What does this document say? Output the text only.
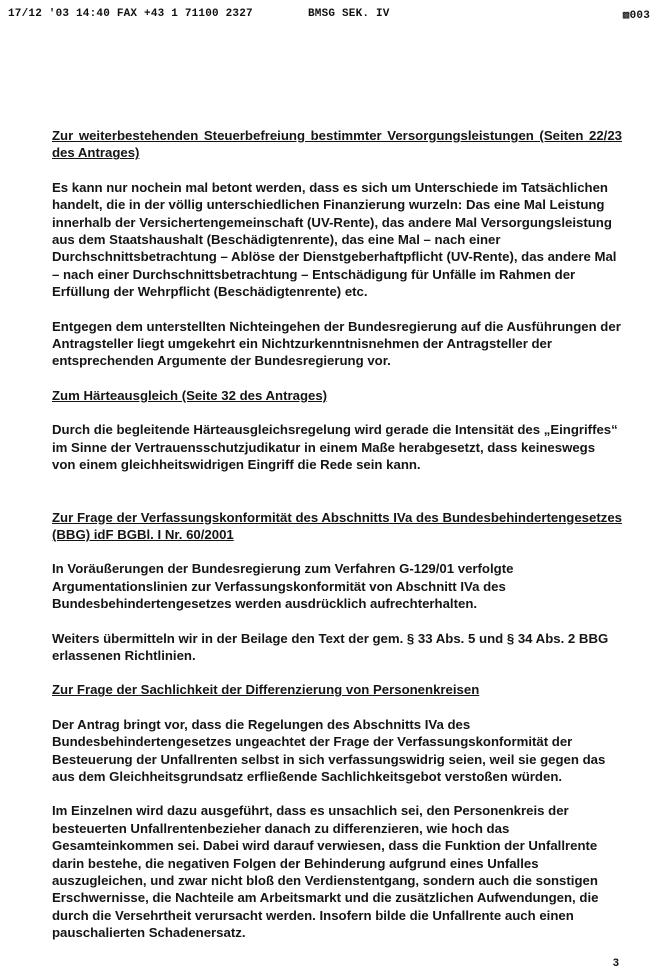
17/12 '03 14:40 FAX +43 1 71100 2327	BMSG SEK. IV	▩003
Zur weiterbestehenden Steuerbefreiung bestimmter Versorgungsleistungen (Seiten 22/23 des Antrages)

Es kann nur nochein mal betont werden, dass es sich um Unterschiede im Tatsächlichen handelt, die in der völlig unterschiedlichen Finanzierung wurzeln: Das eine Mal Leistung innerhalb der Versichertengemeinschaft (UV-Rente), das andere Mal Versorgungsleistung aus dem Staatshaushalt (Beschädigtenrente), das eine Mal – nach einer Durchschnittsbetrachtung – Ablöse der Dienstgeberhaftpflicht (UV-Rente), das andere Mal – nach einer Durchschnittsbetrachtung – Entschädigung für Unfälle im Rahmen der Erfüllung der Wehrpflicht (Beschädigtenrente) etc.

Entgegen dem unterstellten Nichteingehen der Bundesregierung auf die Ausführungen der Antragsteller liegt umgekehrt ein Nichtzurkenntnisnehmen der Antragsteller der entsprechenden Argumente der Bundesregierung vor.

Zum Härteausgleich (Seite 32 des Antrages)

Durch die begleitende Härteausgleichsregelung wird gerade die Intensität des „Eingriffes“ im Sinne der Vertrauensschutzjudikatur in einem Maße herabgesetzt, dass keineswegs von einem gleichheitswidrigen Eingriff die Rede sein kann.

Zur Frage der Verfassungskonformität des Abschnitts IVa des Bundesbehindertengesetzes (BBG) idF BGBl. I Nr. 60/2001

In Voräußerungen der Bundesregierung zum Verfahren G-129/01 verfolgte Argumentationslinien zur Verfassungskonformität von Abschnitt IVa des Bundesbehindertengesetzes werden ausdrücklich aufrechterhalten.

Weiters übermitteln wir in der Beilage den Text der gem. § 33 Abs. 5 und § 34 Abs. 2 BBG erlassenen Richtlinien.

Zur Frage der Sachlichkeit der Differenzierung von Personenkreisen

Der Antrag bringt vor, dass die Regelungen des Abschnitts IVa des Bundesbehindertengesetzes ungeachtet der Frage der Verfassungskonformität der Besteuerung der Unfallrenten selbst in sich verfassungswidrig seien, weil sie gegen das aus dem Gleichheitsgrundsatz erfließende Sachlichkeitsgebot verstoßen würden.

Im Einzelnen wird dazu ausgeführt, dass es unsachlich sei, den Personenkreis der besteuerten Unfallrentenbezieher danach zu differenzieren, wie hoch das Gesamteinkommen sei. Dabei wird darauf verwiesen, dass die Funktion der Unfallrente darin bestehe, die negativen Folgen der Behinderung aufgrund eines Unfalles auszugleichen, und zwar nicht bloß den Verdienstentgang, sondern auch die sonstigen Erschwernisse, die Nachteile am Arbeitsmarkt und die zusätzlichen Aufwendungen, die durch die Versehrtheit verursacht werden. Insofern bilde die Unfallrente auch einen pauschalierten Schadenersatz.

3
